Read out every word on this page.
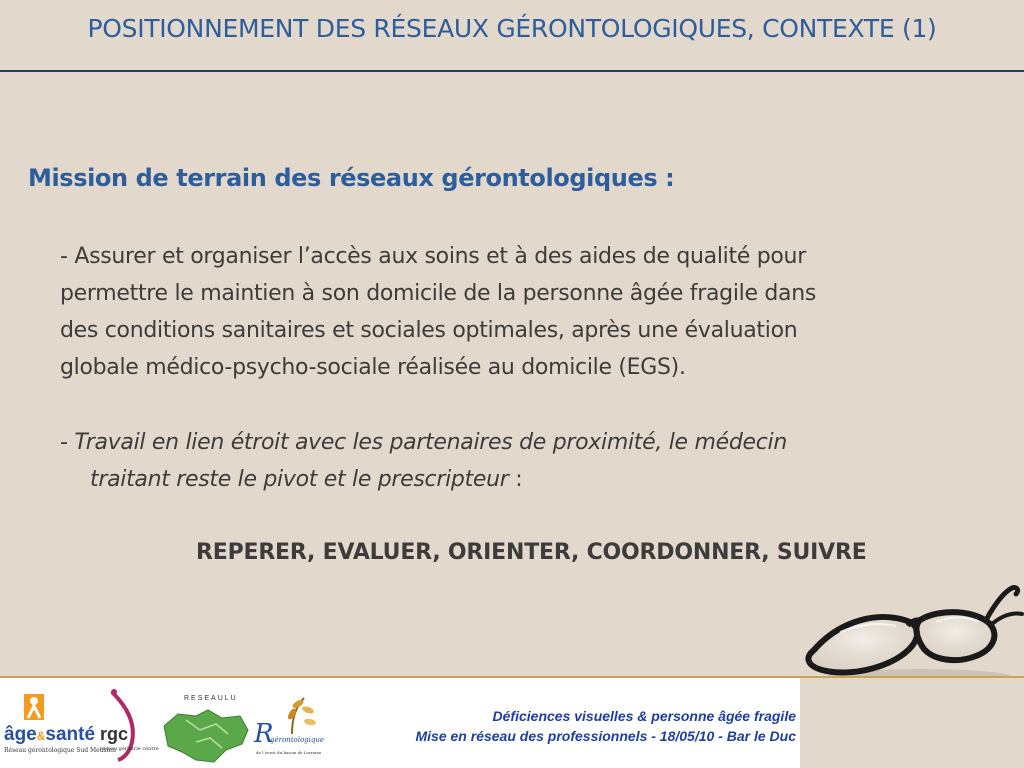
POSITIONNEMENT DES RÉSEAUX GÉRONTOLOGIQUES, CONTEXTE (1)
Mission de terrain des réseaux gérontologiques :
- Assurer et organiser l’accès aux soins et à des aides de qualité pour
permettre le maintien à son domicile de la personne âgée fragile dans
des conditions sanitaires et sociales optimales, après une évaluation
globale médico-psycho-sociale réalisée au domicile (EGS).
- Travail en lien étroit avec les partenaires de proximité, le médecin
traitant reste le pivot et le prescripteur :
REPERER, EVALUER, ORIENTER, COORDONNER, SUIVRE
âge&santé
Réseau gérontologique Sud Meusien
rgc
réseau gériatrie centre
RESEAULU
R
gérontologique
de l’ouest du bassin de Lorraine
Déficiences visuelles & personne âgée fragile
Mise en réseau des professionnels - 18/05/10 - Bar le Duc
